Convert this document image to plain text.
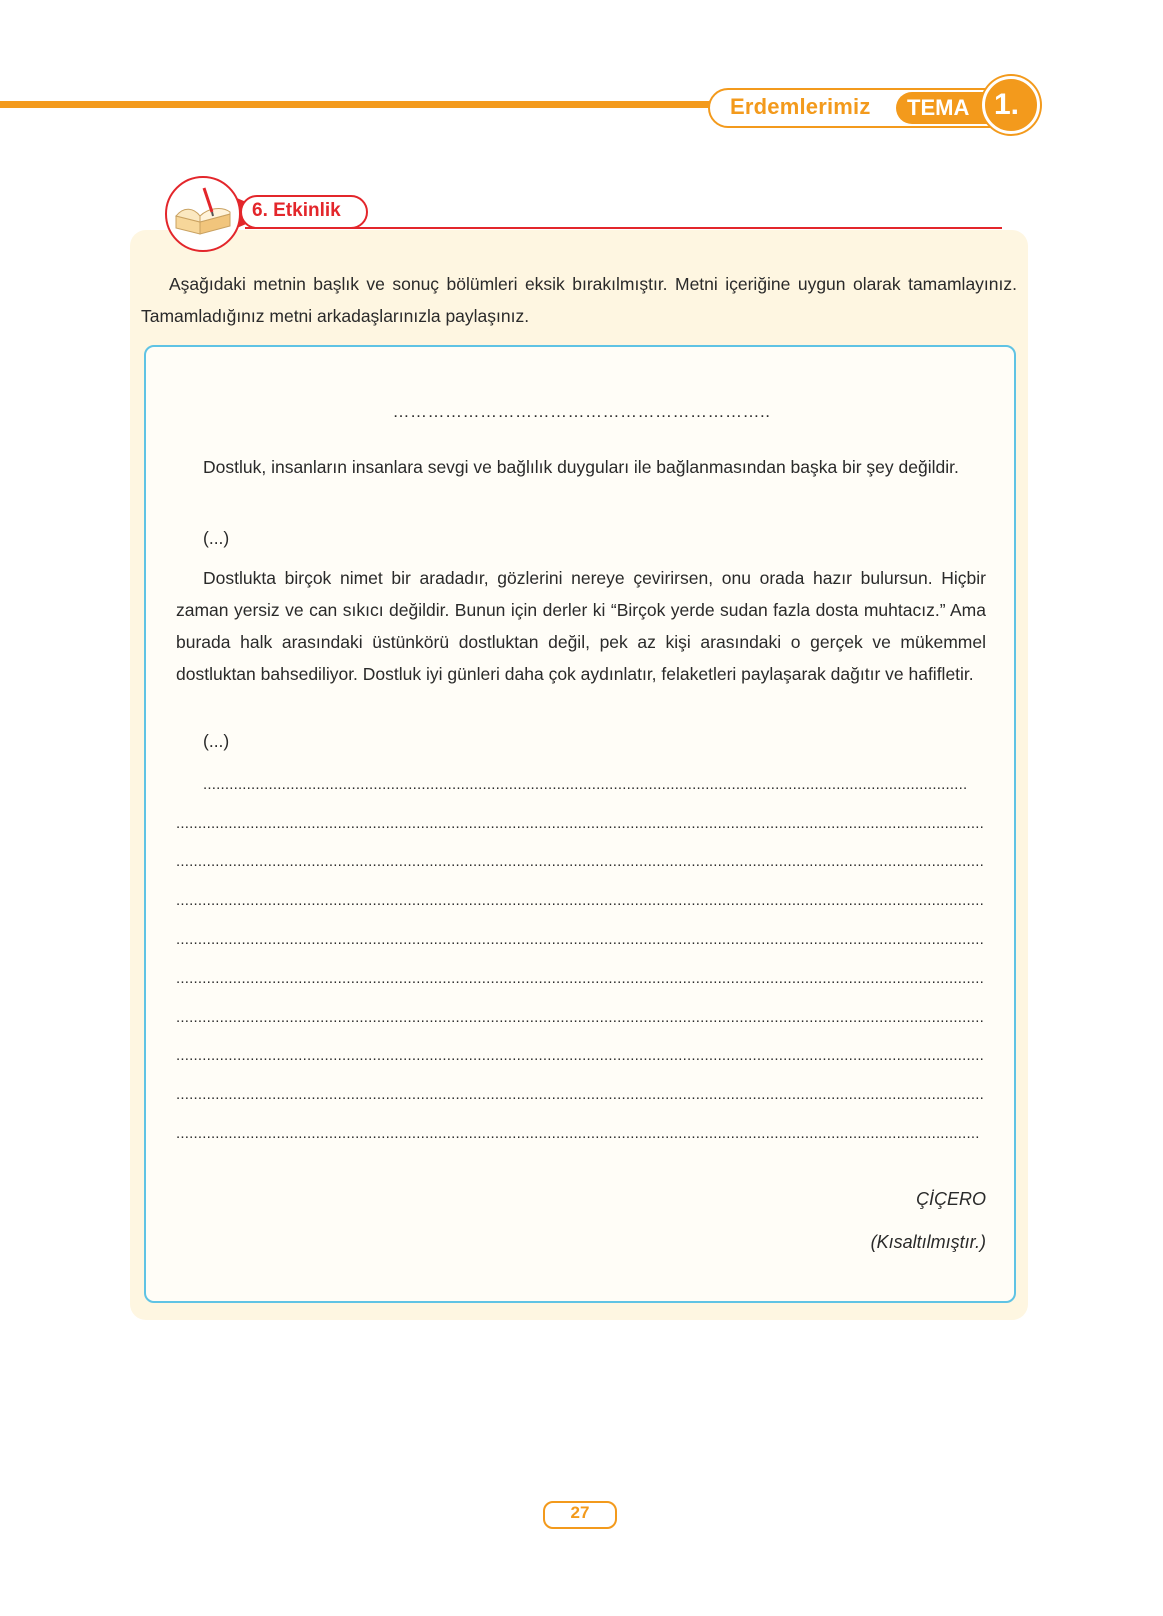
Erdemlerimiz TEMA 1.
6. Etkinlik
Aşağıdaki metnin başlık ve sonuç bölümleri eksik bırakılmıştır. Metni içeriğine uygun olarak tamamlayınız. Tamamladığınız metni arkadaşlarınızla paylaşınız.
………………………………………………………..

Dostluk, insanların insanlara sevgi ve bağlılık duyguları ile bağlanmasından başka bir şey değildir.

(...)

Dostlukta birçok nimet bir aradadır, gözlerini nereye çevirirsen, onu orada hazır bulursun. Hiçbir zaman yersiz ve can sıkıcı değildir. Bunun için derler ki “Birçok yerde sudan fazla dosta muhtacız.” Ama burada halk arasındaki üstünkörü dostluktan değil, pek az kişi arasındaki o gerçek ve mükemmel dostluktan bahsediliyor. Dostluk iyi günleri daha çok aydınlatır, felaketleri paylaşarak dağıtır ve hafifletir.

(...)

...............................................................................................................................................................................
.........................................................................................................................................................................................
.........................................................................................................................................................................................
.........................................................................................................................................................................................
.........................................................................................................................................................................................
.........................................................................................................................................................................................
.........................................................................................................................................................................................
.........................................................................................................................................................................................
.........................................................................................................................................................................................
........................................................................................................................................................................................
ÇİÇERO
(Kısaltılmıştır.)
27
